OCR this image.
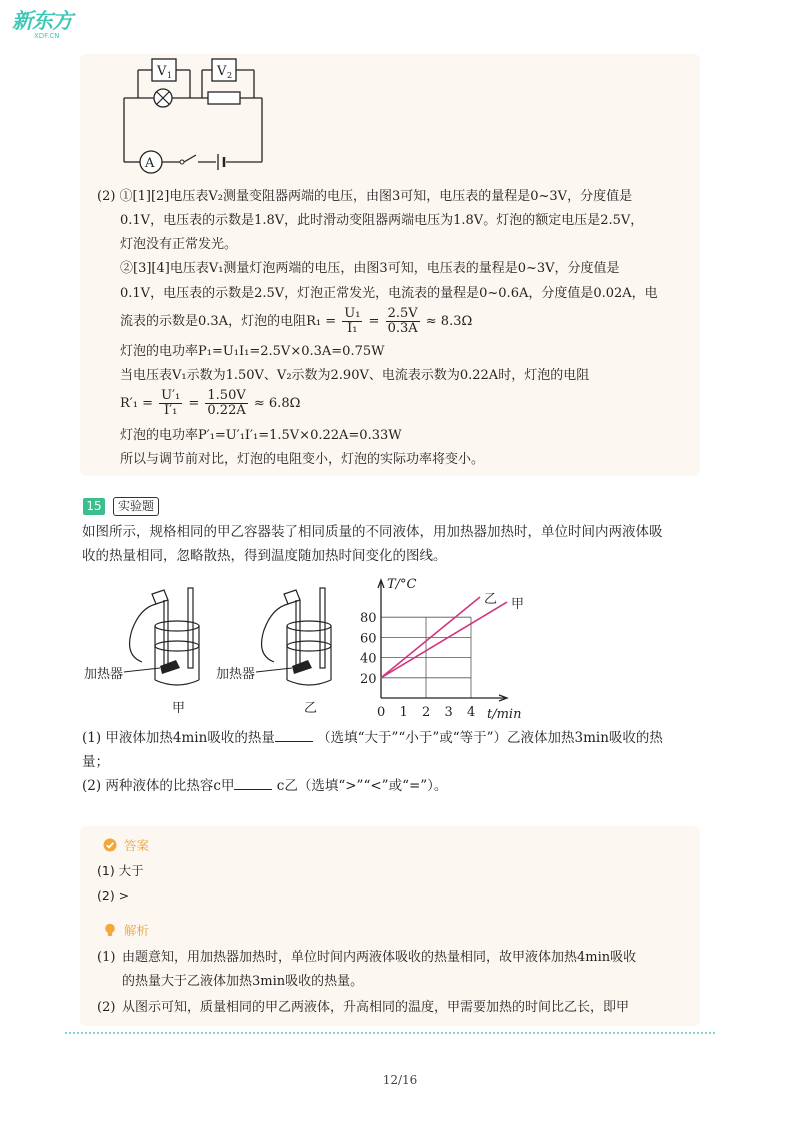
新东方
XDF.CN
V 1	V 2
A
(2) ①[1][2]电压表V₂测量变阻器两端的电压，由图3可知，电压表的量程是0~3V，分度值是
0.1V，电压表的示数是1.8V，此时滑动变阻器两端电压为1.8V。灯泡的额定电压是2.5V，
灯泡没有正常发光。
②[3][4]电压表V₁测量灯泡两端的电压，由图3可知，电压表的量程是0~3V，分度值是
0.1V，电压表的示数是2.5V，灯泡正常发光，电流表的量程是0~0.6A，分度值是0.02A，电
流表的示数是0.3A，灯泡的电阻$R_1 = \frac{\text{U₁}}{\text{I₁}} = \frac{2.5V}{0.3A} \approx 8.3\Omega$
灯泡的电功率P₁=U₁I₁=2.5V×0.3A=0.75W
当电压表V₁示数为1.50V、V₂示数为2.90V、电流表示数为0.22A时，灯泡的电阻
$R'_1 = \frac{\text{U′₁}}{\text{I′₁}} = \frac{1.50V}{0.22A} \approx 6.8\Omega$
灯泡的电功率P′₁=U′₁I′₁=1.5V×0.22A=0.33W
所以与调节前对比，灯泡的电阻变小，灯泡的实际功率将变小。
15	实验题
如图所示，规格相同的甲乙容器装了相同质量的不同液体，用加热器加热时，单位时间内两液体吸
收的热量相同，忽略散热，得到温度随加热时间变化的图线。
加热器
甲
加热器
乙
20
40
60
80
0 1 2 3 4
乙 甲
T/°C
t/min
(1) 甲液体加热4min吸收的热量	（选填“大于”“小于”或“等于”）乙液体加热3min吸收的热
量；
(2) 两种液体的比热容c甲	c乙（选填“>”“<”或“=”）。
答案
(1) 大于
(2) >
解析
(1) 由题意知，用加热器加热时，单位时间内两液体吸收的热量相同，故甲液体加热4min吸收
的热量大于乙液体加热3min吸收的热量。
(2) 从图示可知，质量相同的甲乙两液体，升高相同的温度，甲需要加热的时间比乙长，即甲
12/16
